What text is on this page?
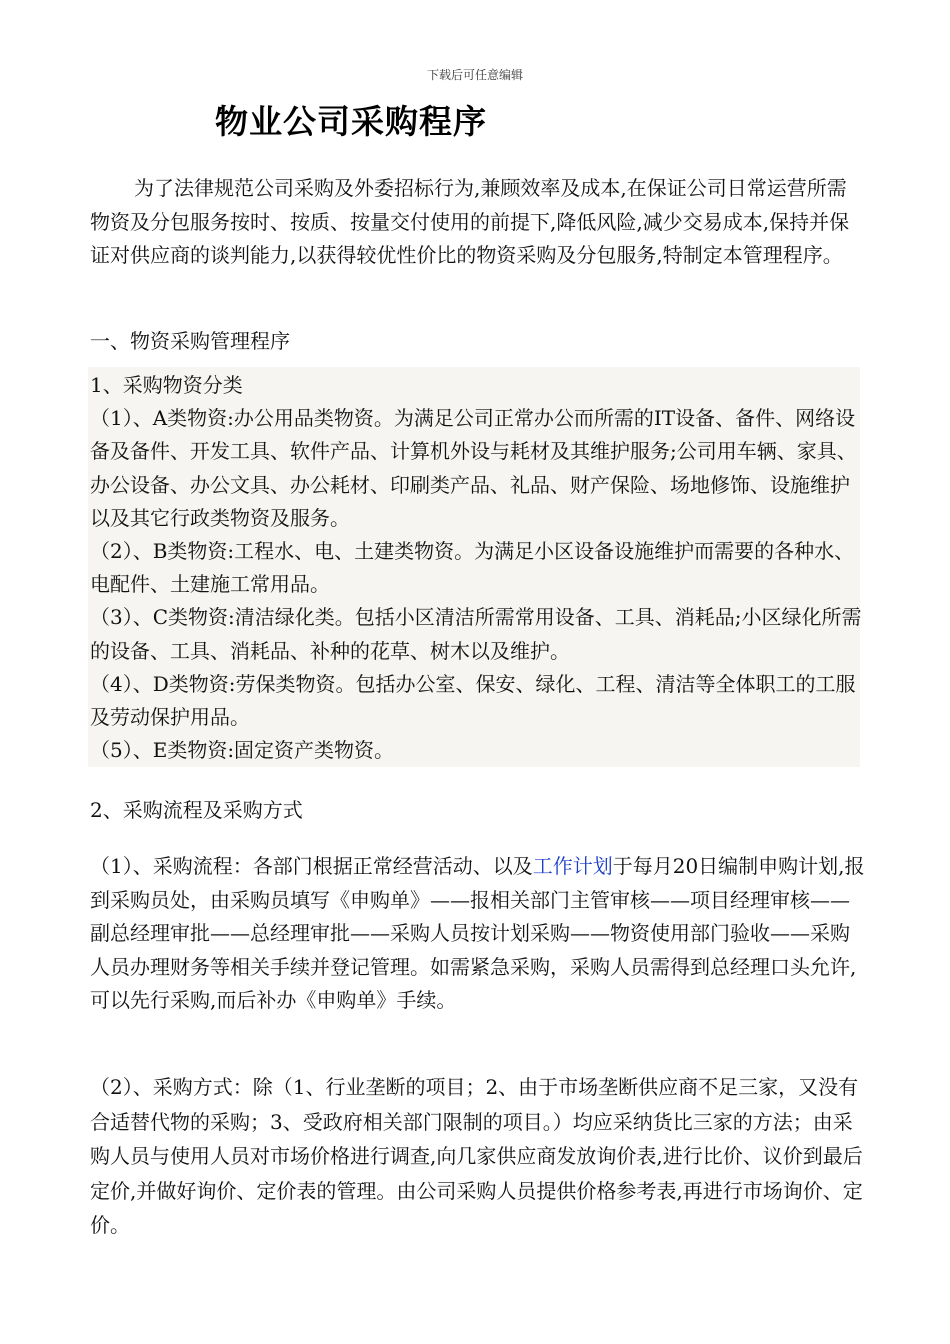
下载后可任意编辑
物业公司采购程序

为了法律规范公司采购及外委招标行为,兼顾效率及成本,在保证公司日常运营所需物资及分包服务按时、按质、按量交付使用的前提下,降低风险,减少交易成本,保持并保证对供应商的谈判能力,以获得较优性价比的物资采购及分包服务,特制定本管理程序。

一、物资采购管理程序

1、采购物资分类

（1）、A类物资:办公用品类物资。为满足公司正常办公而所需的IT设备、备件、网络设备及备件、开发工具、软件产品、计算机外设与耗材及其维护服务;公司用车辆、家具、办公设备、办公文具、办公耗材、印刷类产品、礼品、财产保险、场地修饰、设施维护以及其它行政类物资及服务。

（2）、B类物资:工程水、电、土建类物资。为满足小区设备设施维护而需要的各种水、电配件、土建施工常用品。

（3）、C类物资:清洁绿化类。包括小区清洁所需常用设备、工具、消耗品;小区绿化所需的设备、工具、消耗品、补种的花草、树木以及维护。

（4）、D类物资:劳保类物资。包括办公室、保安、绿化、工程、清洁等全体职工的工服及劳动保护用品。

（5）、E类物资:固定资产类物资。

2、采购流程及采购方式

（1）、采购流程：各部门根据正常经营活动、以及工作计划于每月20日编制申购计划,报到采购员处，由采购员填写《申购单》——报相关部门主管审核——项目经理审核——副总经理审批——总经理审批——采购人员按计划采购——物资使用部门验收——采购人员办理财务等相关手续并登记管理。如需紧急采购，采购人员需得到总经理口头允许,可以先行采购,而后补办《申购单》手续。

（2）、采购方式：除（1、行业垄断的项目；2、由于市场垄断供应商不足三家，又没有合适替代物的采购；3、受政府相关部门限制的项目。）均应采纳货比三家的方法；由采购人员与使用人员对市场价格进行调查,向几家供应商发放询价表,进行比价、议价到最后定价,并做好询价、定价表的管理。由公司采购人员提供价格参考表,再进行市场询价、定价。
